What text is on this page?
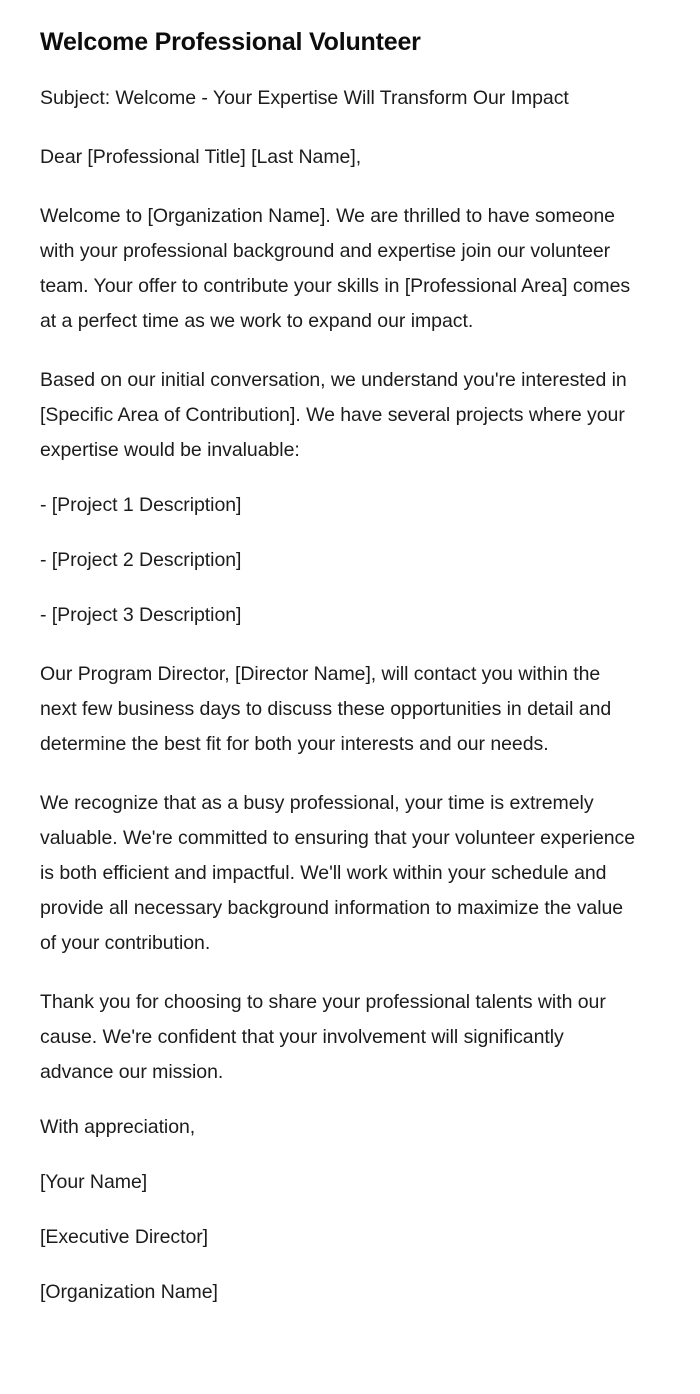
Welcome Professional Volunteer

Subject: Welcome - Your Expertise Will Transform Our Impact

Dear [Professional Title] [Last Name],

Welcome to [Organization Name]. We are thrilled to have someone with your professional background and expertise join our volunteer team. Your offer to contribute your skills in [Professional Area] comes at a perfect time as we work to expand our impact.

Based on our initial conversation, we understand you're interested in [Specific Area of Contribution]. We have several projects where your expertise would be invaluable:

- [Project 1 Description]

- [Project 2 Description]

- [Project 3 Description]

Our Program Director, [Director Name], will contact you within the next few business days to discuss these opportunities in detail and determine the best fit for both your interests and our needs.

We recognize that as a busy professional, your time is extremely valuable. We're committed to ensuring that your volunteer experience is both efficient and impactful. We'll work within your schedule and provide all necessary background information to maximize the value of your contribution.

Thank you for choosing to share your professional talents with our cause. We're confident that your involvement will significantly advance our mission.

With appreciation,

[Your Name]

[Executive Director]

[Organization Name]
